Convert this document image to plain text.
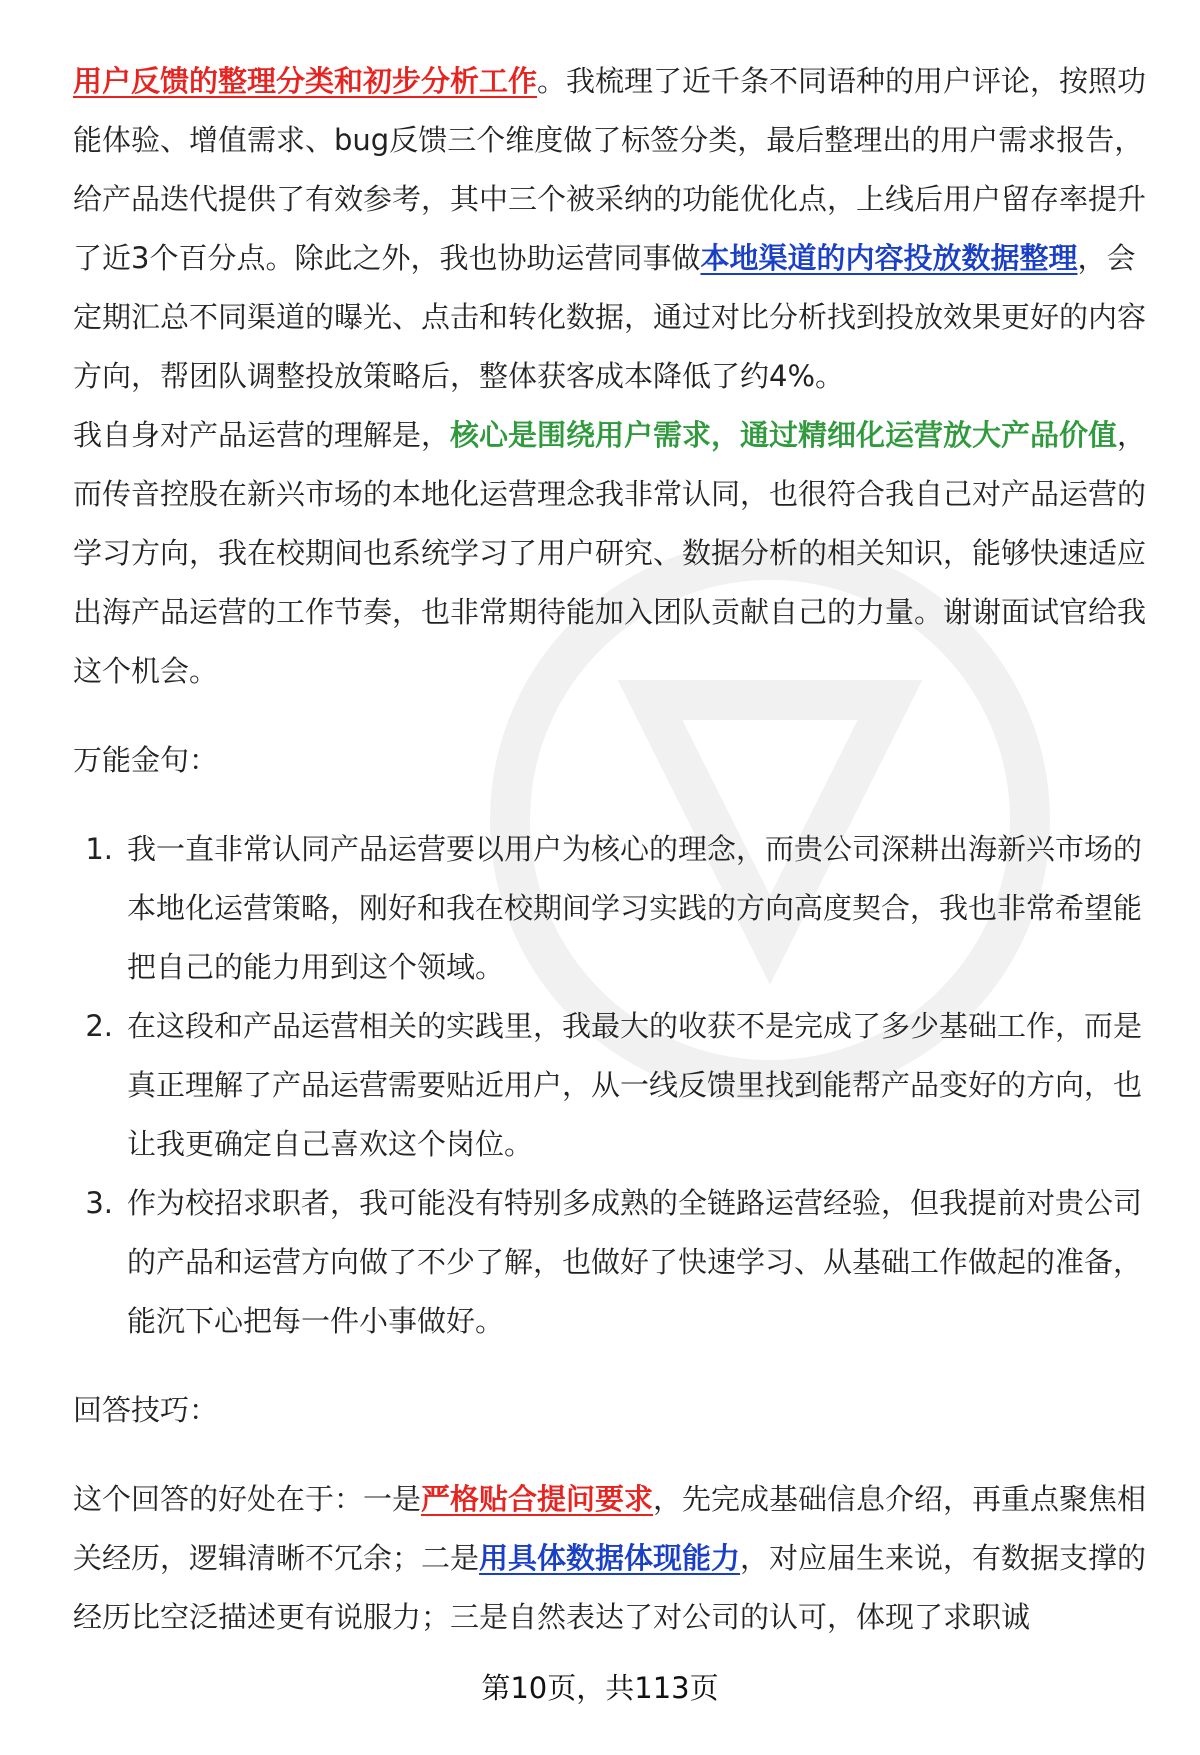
用户反馈的整理分类和初步分析工作。我梳理了近千条不同语种的用户评论，按照功能体验、增值需求、bug反馈三个维度做了标签分类，最后整理出的用户需求报告，给产品迭代提供了有效参考，其中三个被采纳的功能优化点，上线后用户留存率提升了近3个百分点。除此之外，我也协助运营同事做本地渠道的内容投放数据整理，会定期汇总不同渠道的曝光、点击和转化数据，通过对比分析找到投放效果更好的内容方向，帮团队调整投放策略后，整体获客成本降低了约4%。

我自身对产品运营的理解是，核心是围绕用户需求，通过精细化运营放大产品价值，而传音控股在新兴市场的本地化运营理念我非常认同，也很符合我自己对产品运营的学习方向，我在校期间也系统学习了用户研究、数据分析的相关知识，能够快速适应出海产品运营的工作节奏，也非常期待能加入团队贡献自己的力量。谢谢面试官给我这个机会。

万能金句：

1. 我一直非常认同产品运营要以用户为核心的理念，而贵公司深耕出海新兴市场的本地化运营策略，刚好和我在校期间学习实践的方向高度契合，我也非常希望能把自己的能力用到这个领域。
2. 在这段和产品运营相关的实践里，我最大的收获不是完成了多少基础工作，而是真正理解了产品运营需要贴近用户，从一线反馈里找到能帮产品变好的方向，也让我更确定自己喜欢这个岗位。
3. 作为校招求职者，我可能没有特别多成熟的全链路运营经验，但我提前对贵公司的产品和运营方向做了不少了解，也做好了快速学习、从基础工作做起的准备，能沉下心把每一件小事做好。

回答技巧：

这个回答的好处在于：一是严格贴合提问要求，先完成基础信息介绍，再重点聚焦相关经历，逻辑清晰不冗余；二是用具体数据体现能力，对应届生来说，有数据支撑的经历比空泛描述更有说服力；三是自然表达了对公司的认可，体现了求职诚

第10页，共113页
